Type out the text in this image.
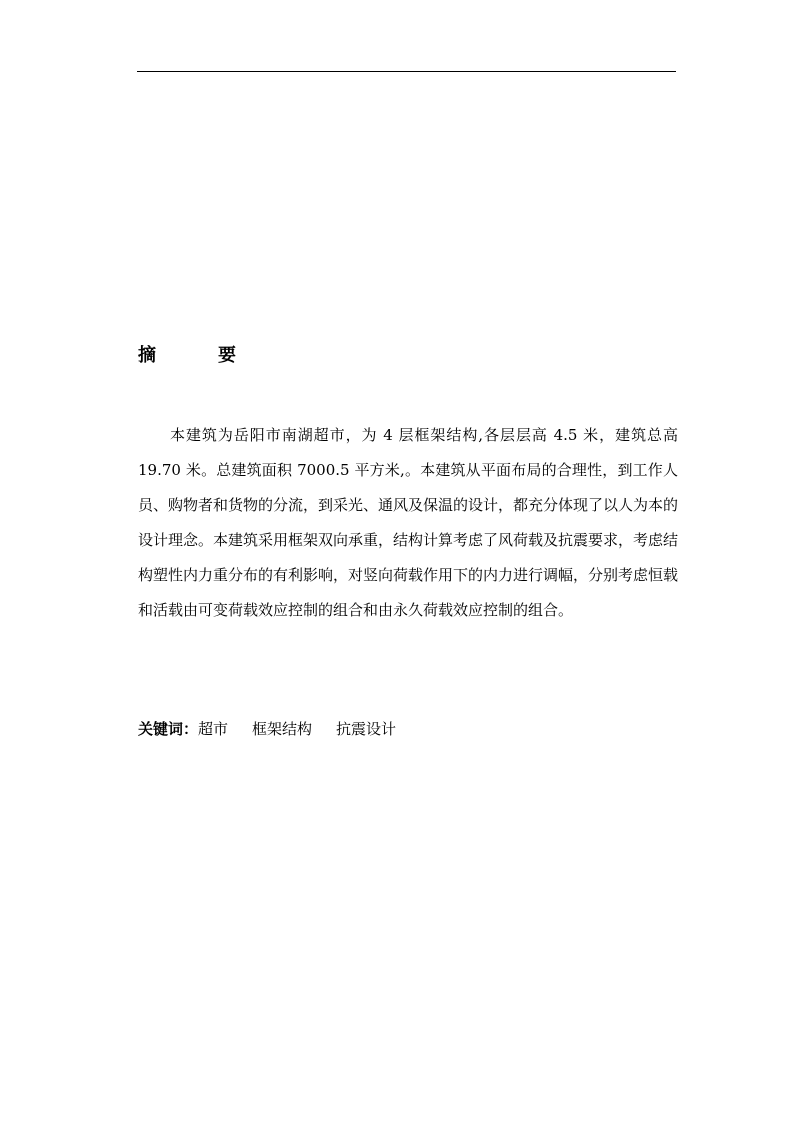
摘	要

本建筑为岳阳市南湖超市，为 4 层框架结构,各层层高 4.5 米，建筑总高 19.70 米。总建筑面积 7000.5 平方米,。本建筑从平面布局的合理性，到工作人员、购物者和货物的分流，到采光、通风及保温的设计，都充分体现了以人为本的设计理念。本建筑采用框架双向承重，结构计算考虑了风荷载及抗震要求，考虑结构塑性内力重分布的有利影响，对竖向荷载作用下的内力进行调幅，分别考虑恒载和活载由可变荷载效应控制的组合和由永久荷载效应控制的组合。

关键词： 超市 框架结构 抗震设计
